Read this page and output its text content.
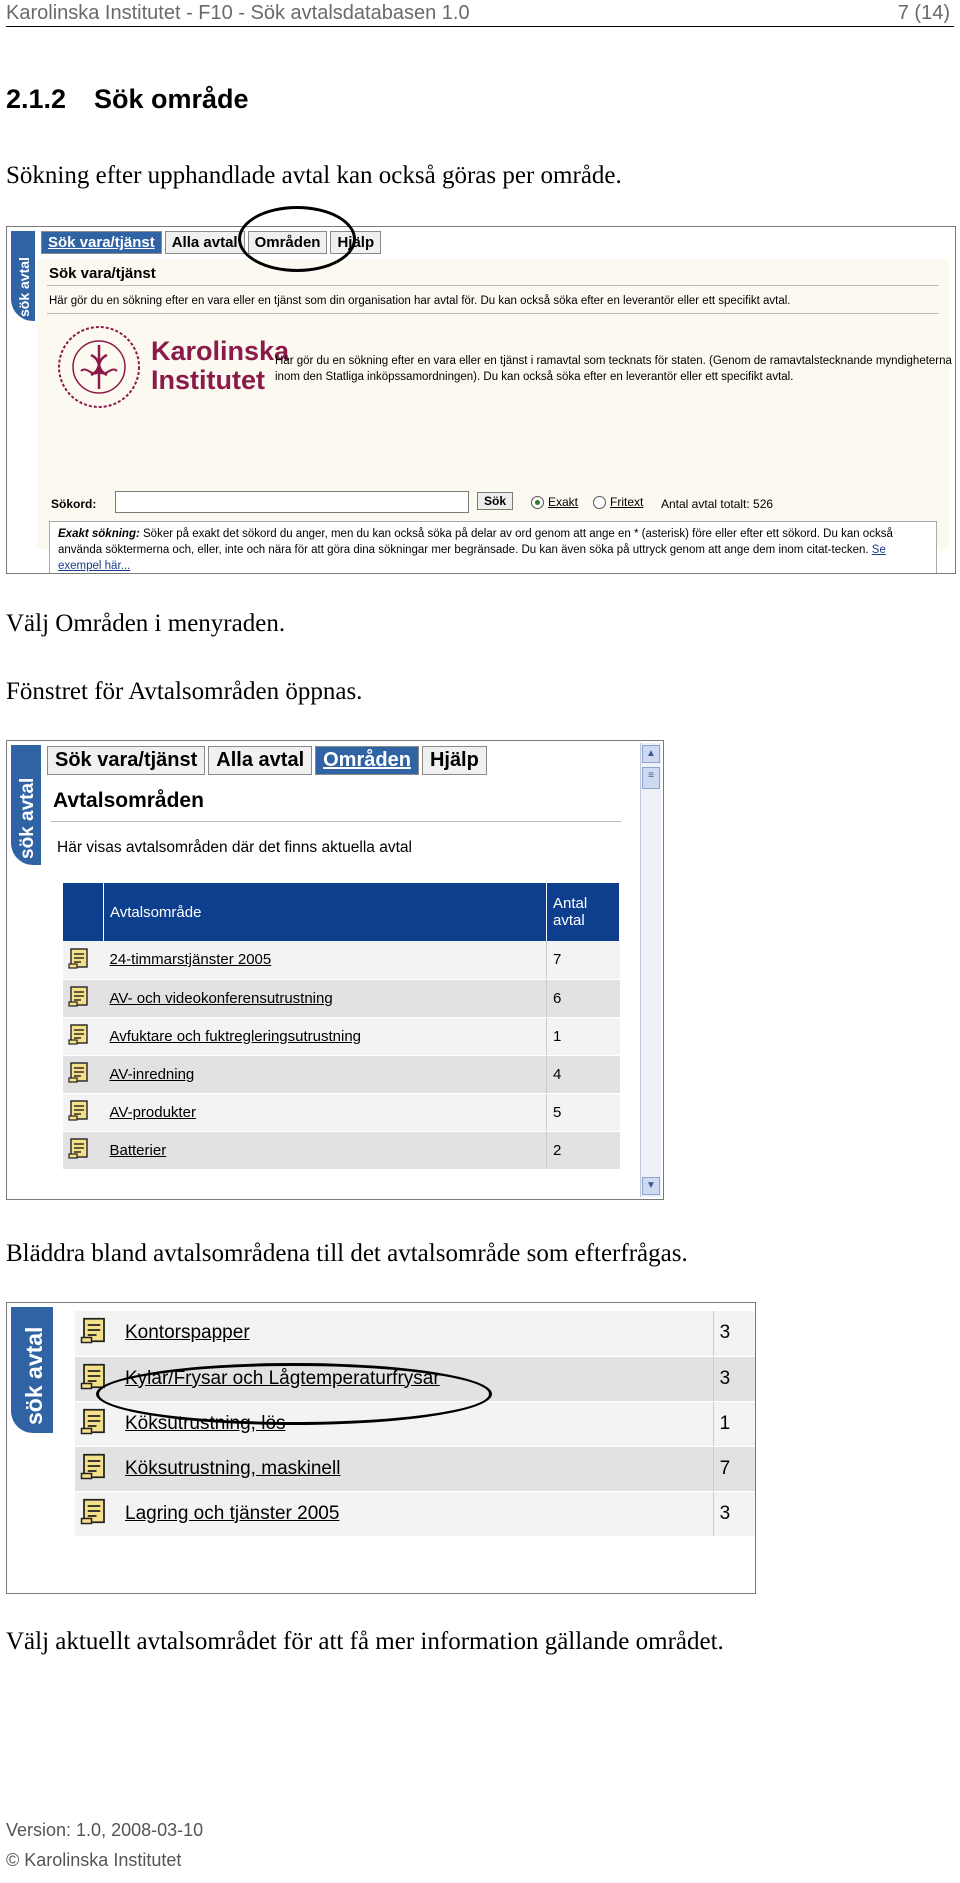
Karolinska Institutet - F10 - Sök avtalsdatabasen 1.0	7 (14)
2.1.2 Sök område
Sökning efter upphandlade avtal kan också göras per område.
sök avtal
Sök vara/tjänst	Alla avtal	Områden	Hjälp
Sök vara/tjänst
Här gör du en sökning efter en vara eller en tjänst som din organisation har avtal för. Du kan också söka efter en leverantör eller ett specifikt avtal.
Karolinska
Institutet
Här gör du en sökning efter en vara eller en tjänst i ramavtal som tecknats för staten. (Genom de ramavtalstecknande myndigheterna inom den Statliga inköpssamordningen). Du kan också söka efter en leverantör eller ett specifikt avtal.
Sökord:	Sök	Exakt	Fritext Antal avtal totalt: 526
Exakt sökning: Söker på exakt det sökord du anger, men du kan också söka på delar av ord genom att ange en * (asterisk) före eller efter ett sökord. Du kan också använda söktermerna och, eller, inte och nära för att göra dina sökningar mer begränsade. Du kan även söka på uttryck genom att ange dem inom citat-tecken. Se exempel här...
Välj Områden i menyraden.
Fönstret för Avtalsområden öppnas.
sök avtal
Sök vara/tjänst Alla avtal Områden Hjälp
Avtalsområden
Här visas avtalsområden där det finns aktuella avtal
	Avtalsområde	Antal avtal
	24-timmarstjänster 2005	7
	AV- och videokonferensutrustning	6
	Avfuktare och fuktregleringsutrustning	1
	AV-inredning	4
	AV-produkter	5
	Batterier	2
▲
≡
▼
Bläddra bland avtalsområdena till det avtalsområde som efterfrågas.
sök avtal
		Kontorspapper	3
	Kylar/Frysar och Lågtemperaturfrysar	3
	Köksutrustning, lös	1
	Köksutrustning, maskinell	7
	Lagring och tjänster 2005	3
Välj aktuellt avtalsområdet för att få mer information gällande området.
Version: 1.0, 2008-03-10
© Karolinska Institutet
